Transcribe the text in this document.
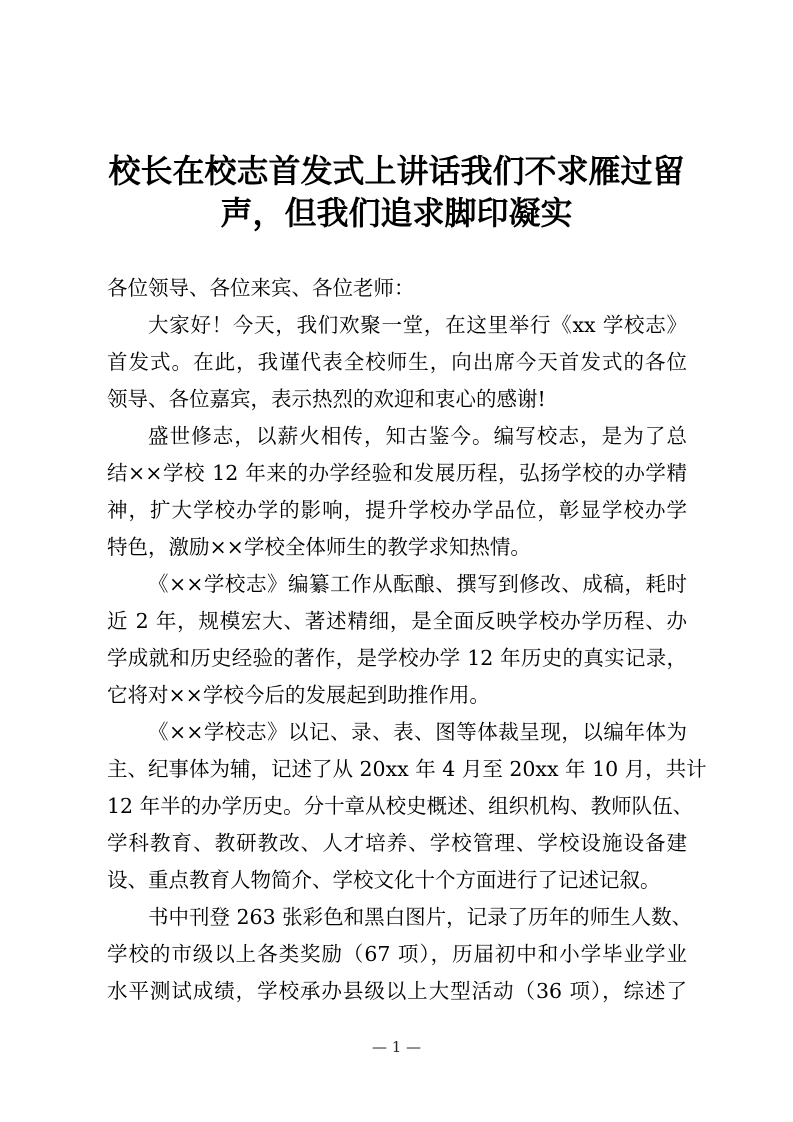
校长在校志首发式上讲话我们不求雁过留
声，但我们追求脚印凝实
各位领导、各位来宾、各位老师：
大家好！今天，我们欢聚一堂，在这里举行《xx 学校志》
首发式。在此，我谨代表全校师生，向出席今天首发式的各位
领导、各位嘉宾，表示热烈的欢迎和衷心的感谢!
盛世修志，以薪火相传，知古鉴今。编写校志，是为了总
结××学校 12 年来的办学经验和发展历程，弘扬学校的办学精
神，扩大学校办学的影响，提升学校办学品位，彰显学校办学
特色，激励××学校全体师生的教学求知热情。
《××学校志》编纂工作从酝酿、撰写到修改、成稿，耗时
近 2 年，规模宏大、著述精细，是全面反映学校办学历程、办
学成就和历史经验的著作，是学校办学 12 年历史的真实记录，
它将对××学校今后的发展起到助推作用。
《××学校志》以记、录、表、图等体裁呈现，以编年体为
主、纪事体为辅，记述了从 20xx 年 4 月至 20xx 年 10 月，共计
12 年半的办学历史。分十章从校史概述、组织机构、教师队伍、
学科教育、教研教改、人才培养、学校管理、学校设施设备建
设、重点教育人物简介、学校文化十个方面进行了记述记叙。
书中刊登 263 张彩色和黑白图片，记录了历年的师生人数、
学校的市级以上各类奖励（67 项），历届初中和小学毕业学业
水平测试成绩，学校承办县级以上大型活动（36 项），综述了
— 1 —
